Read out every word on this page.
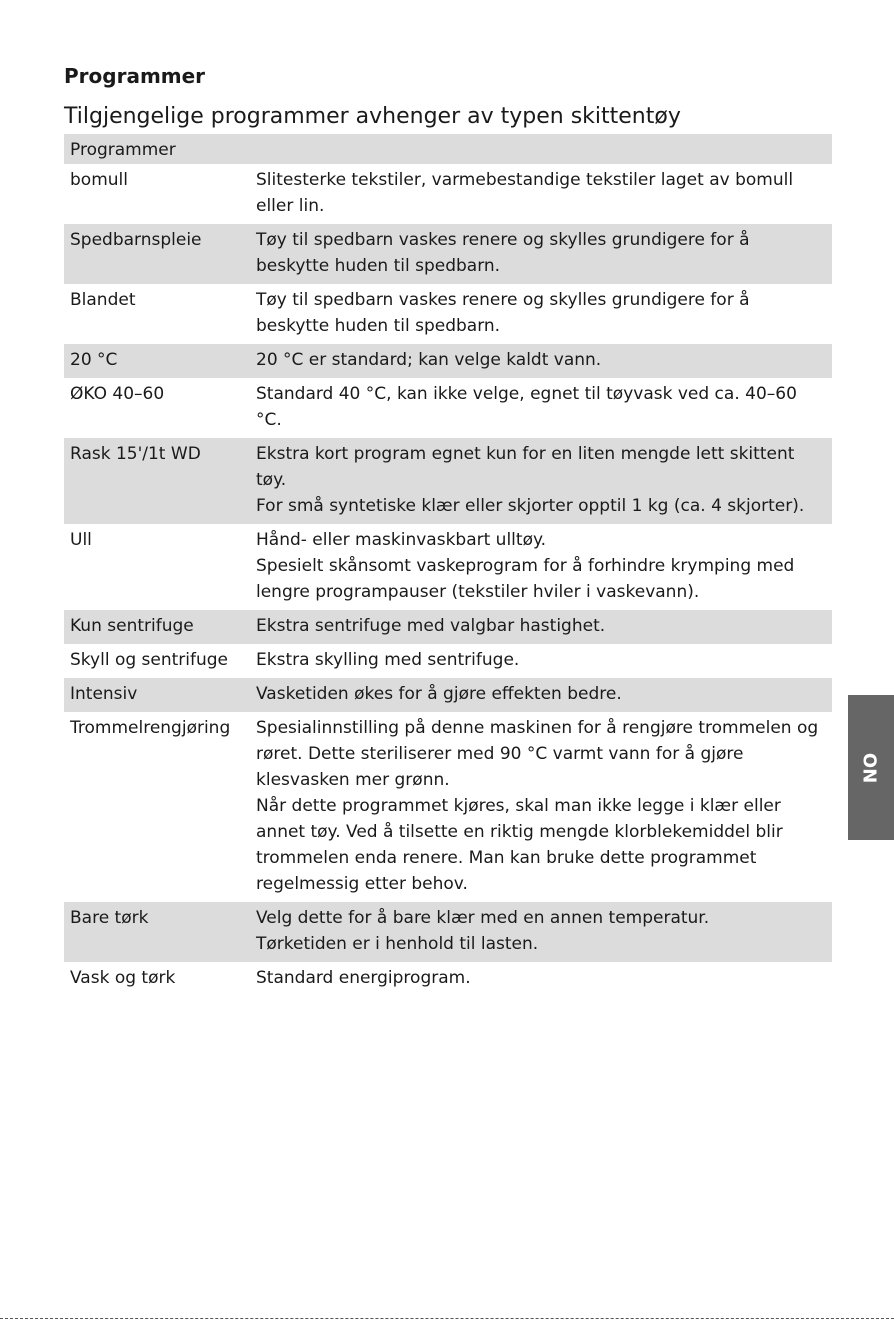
Programmer
Tilgjengelige programmer avhenger av typen skittentøy
Programmer	
bomull	Slitesterke tekstiler, varmebestandige tekstiler laget av bomull eller lin.

Spedbarnspleie	Tøy til spedbarn vaskes renere og skylles grundigere for å beskytte huden til spedbarn.

Blandet	Tøy til spedbarn vaskes renere og skylles grundigere for å beskytte huden til spedbarn.

20 °C	20 °C er standard; kan velge kaldt vann.

ØKO 40–60	Standard 40 °C, kan ikke velge, egnet til tøyvask ved ca. 40–60 °C.

Rask 15'/1t WD	Ekstra kort program egnet kun for en liten mengde lett skittent tøy.
For små syntetiske klær eller skjorter opptil 1 kg (ca. 4 skjorter).

Ull	Hånd- eller maskinvaskbart ulltøy.
Spesielt skånsomt vaskeprogram for å forhindre krymping med lengre programpauser (tekstiler hviler i vaskevann).

Kun sentrifuge	Ekstra sentrifuge med valgbar hastighet.

Skyll og sentrifuge	Ekstra skylling med sentrifuge.

Intensiv	Vasketiden økes for å gjøre effekten bedre.

Trommelrengjøring	Spesialinnstilling på denne maskinen for å rengjøre trommelen og røret. Dette steriliserer med 90 °C varmt vann for å gjøre klesvasken mer grønn.
Når dette programmet kjøres, skal man ikke legge i klær eller annet tøy. Ved å tilsette en riktig mengde klorblekemiddel blir trommelen enda renere. Man kan bruke dette programmet regelmessig etter behov.

Bare tørk	Velg dette for å bare klær med en annen temperatur.
Tørketiden er i henhold til lasten.

Vask og tørk	Standard energiprogram.
NO
